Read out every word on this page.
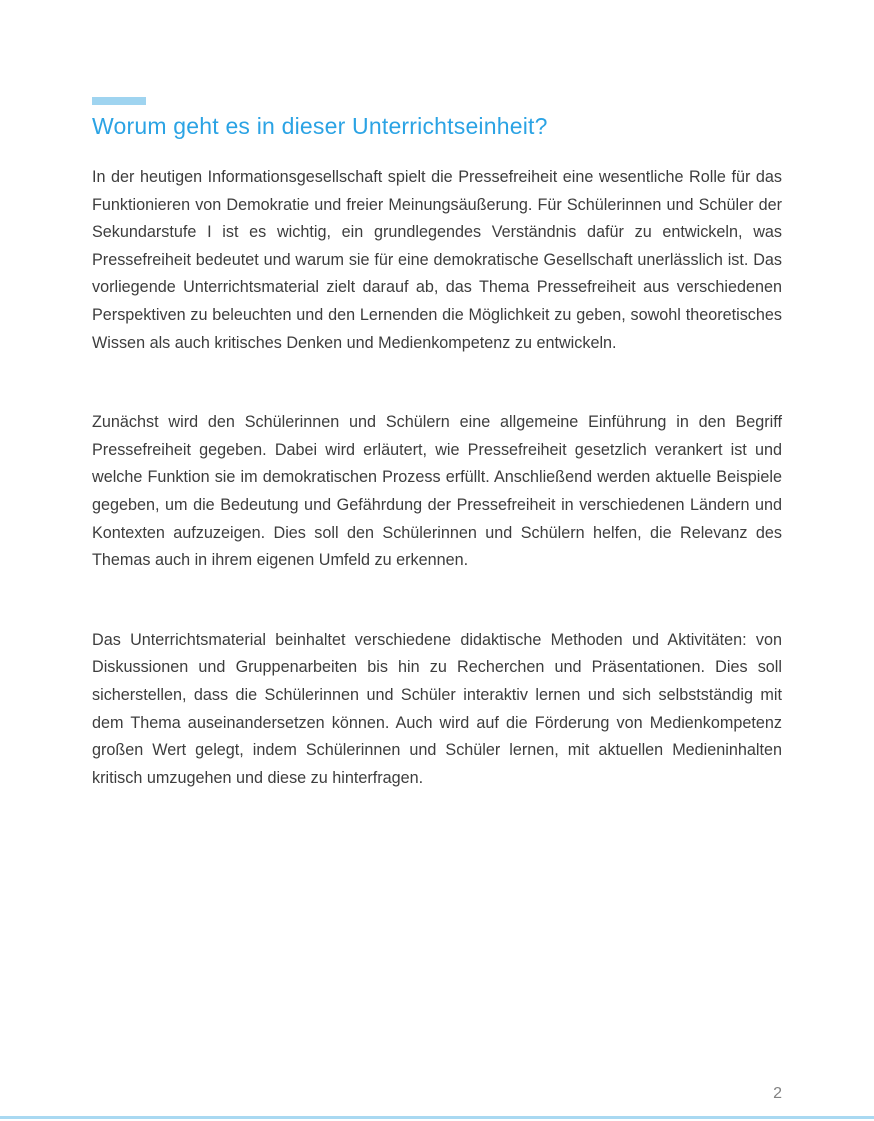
Worum geht es in dieser Unterrichtseinheit?

In der heutigen Informationsgesellschaft spielt die Pressefreiheit eine wesentliche Rolle für das Funktionieren von Demokratie und freier Meinungsäußerung. Für Schülerinnen und Schüler der Sekundarstufe I ist es wichtig, ein grundlegendes Verständnis dafür zu entwickeln, was Pressefreiheit bedeutet und warum sie für eine demokratische Gesellschaft unerlässlich ist. Das vorliegende Unterrichtsmaterial zielt darauf ab, das Thema Pressefreiheit aus verschiedenen Perspektiven zu beleuchten und den Lernenden die Möglichkeit zu geben, sowohl theoretisches Wissen als auch kritisches Denken und Medienkompetenz zu entwickeln.

Zunächst wird den Schülerinnen und Schülern eine allgemeine Einführung in den Begriff Pressefreiheit gegeben. Dabei wird erläutert, wie Pressefreiheit gesetzlich verankert ist und welche Funktion sie im demokratischen Prozess erfüllt. Anschließend werden aktuelle Beispiele gegeben, um die Bedeutung und Gefährdung der Pressefreiheit in verschiedenen Ländern und Kontexten aufzuzeigen. Dies soll den Schülerinnen und Schülern helfen, die Relevanz des Themas auch in ihrem eigenen Umfeld zu erkennen.

Das Unterrichtsmaterial beinhaltet verschiedene didaktische Methoden und Aktivitäten: von Diskussionen und Gruppenarbeiten bis hin zu Recherchen und Präsentationen. Dies soll sicherstellen, dass die Schülerinnen und Schüler interaktiv lernen und sich selbstständig mit dem Thema auseinandersetzen können. Auch wird auf die Förderung von Medienkompetenz großen Wert gelegt, indem Schülerinnen und Schüler lernen, mit aktuellen Medieninhalten kritisch umzugehen und diese zu hinterfragen.

2
